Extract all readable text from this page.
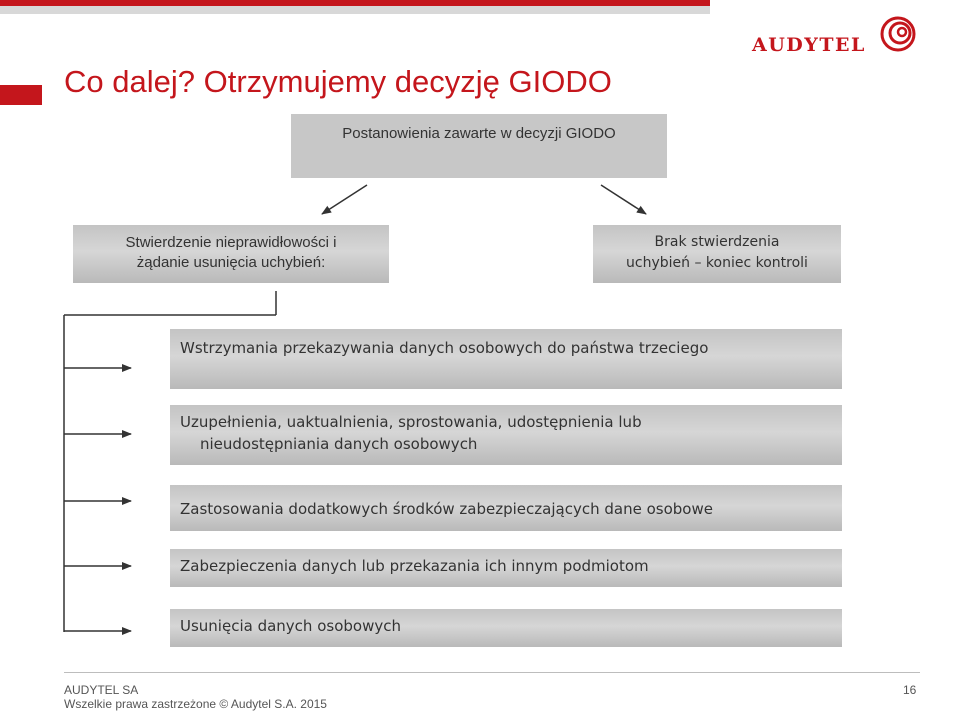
AUDYTEL
Co dalej? Otrzymujemy decyzję GIODO
Postanowienia zawarte w decyzji GIODO
Stwierdzenie nieprawidłowości i
żądanie usunięcia uchybień:
Brak stwierdzenia
uchybień – koniec kontroli
Wstrzymania przekazywania danych osobowych do państwa trzeciego
Uzupełnienia, uaktualnienia, sprostowania, udostępnienia lub
nieudostępniania danych osobowych
Zastosowania dodatkowych środków zabezpieczających dane osobowe
Zabezpieczenia danych lub przekazania ich innym podmiotom
Usunięcia danych osobowych
AUDYTEL SA
Wszelkie prawa zastrzeżone © Audytel S.A. 2015
16
